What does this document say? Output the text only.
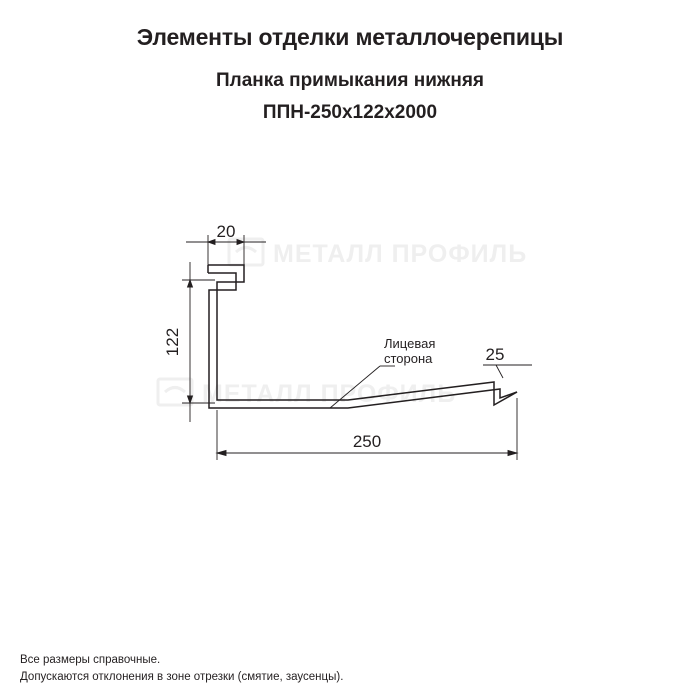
Элементы отделки металлочерепицы
Планка примыкания нижняя
ППН-250x122x2000
МЕТАЛЛ ПРОФИЛЬ
МЕТАЛЛ ПРОФИЛЬ
20
122
250
25
Лицевая
сторона
Все размеры справочные.
Допускаются отклонения в зоне отрезки (смятие, заусенцы).
